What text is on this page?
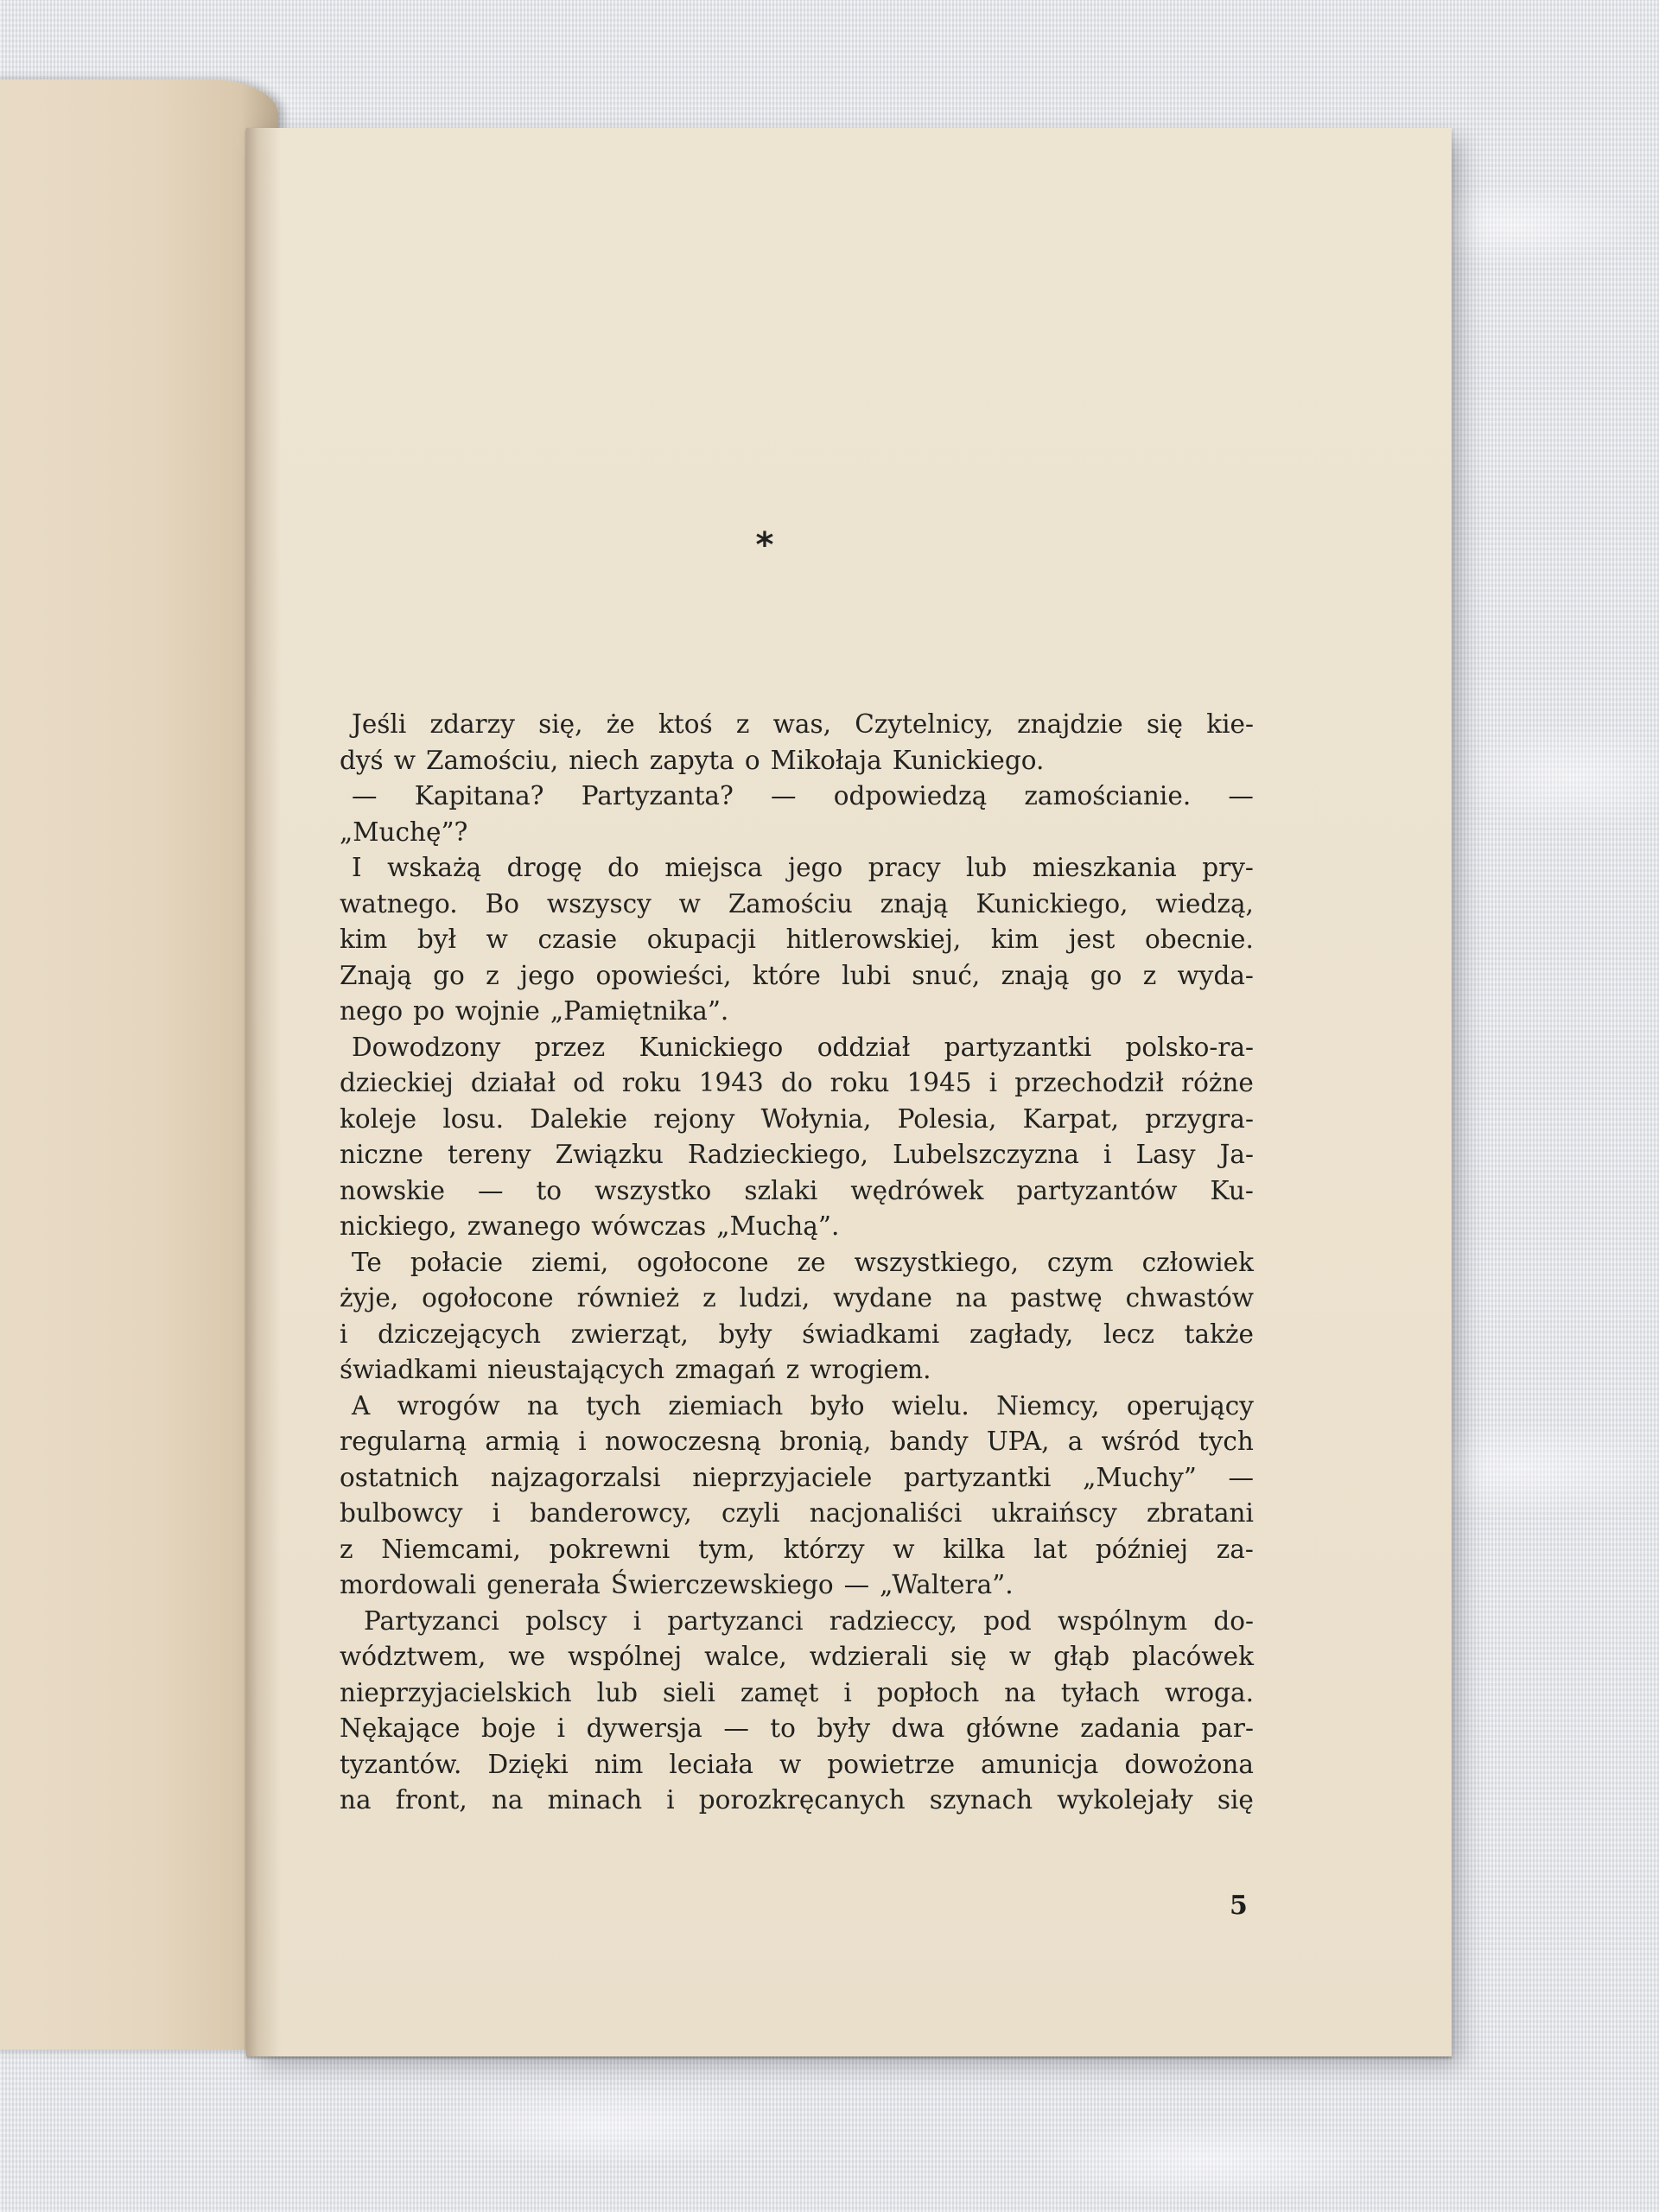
*
Jeśli zdarzy się, że ktoś z was, Czytelnicy, znajdzie się kie-
dyś w Zamościu, niech zapyta o Mikołaja Kunickiego.
— Kapitana? Partyzanta? — odpowiedzą zamościanie. —
„Muchę”?
I wskażą drogę do miejsca jego pracy lub mieszkania pry-
watnego. Bo wszyscy w Zamościu znają Kunickiego, wiedzą,
kim był w czasie okupacji hitlerowskiej, kim jest obecnie.
Znają go z jego opowieści, które lubi snuć, znają go z wyda-
nego po wojnie „Pamiętnika”.
Dowodzony przez Kunickiego oddział partyzantki polsko-ra-
dzieckiej działał od roku 1943 do roku 1945 i przechodził różne
koleje losu. Dalekie rejony Wołynia, Polesia, Karpat, przygra-
niczne tereny Związku Radzieckiego, Lubelszczyzna i Lasy Ja-
nowskie — to wszystko szlaki wędrówek partyzantów Ku-
nickiego, zwanego wówczas „Muchą”.
Te połacie ziemi, ogołocone ze wszystkiego, czym człowiek
żyje, ogołocone również z ludzi, wydane na pastwę chwastów
i dziczejących zwierząt, były świadkami zagłady, lecz także
świadkami nieustających zmagań z wrogiem.
A wrogów na tych ziemiach było wielu. Niemcy, operujący
regularną armią i nowoczesną bronią, bandy UPA, a wśród tych
ostatnich najzagorzalsi nieprzyjaciele partyzantki „Muchy” —
bulbowcy i banderowcy, czyli nacjonaliści ukraińscy zbratani
z Niemcami, pokrewni tym, którzy w kilka lat później za-
mordowali generała Świerczewskiego — „Waltera”.
Partyzanci polscy i partyzanci radzieccy, pod wspólnym do-
wództwem, we wspólnej walce, wdzierali się w głąb placówek
nieprzyjacielskich lub sieli zamęt i popłoch na tyłach wroga.
Nękające boje i dywersja — to były dwa główne zadania par-
tyzantów. Dzięki nim leciała w powietrze amunicja dowożona
na front, na minach i porozkręcanych szynach wykolejały się
5
